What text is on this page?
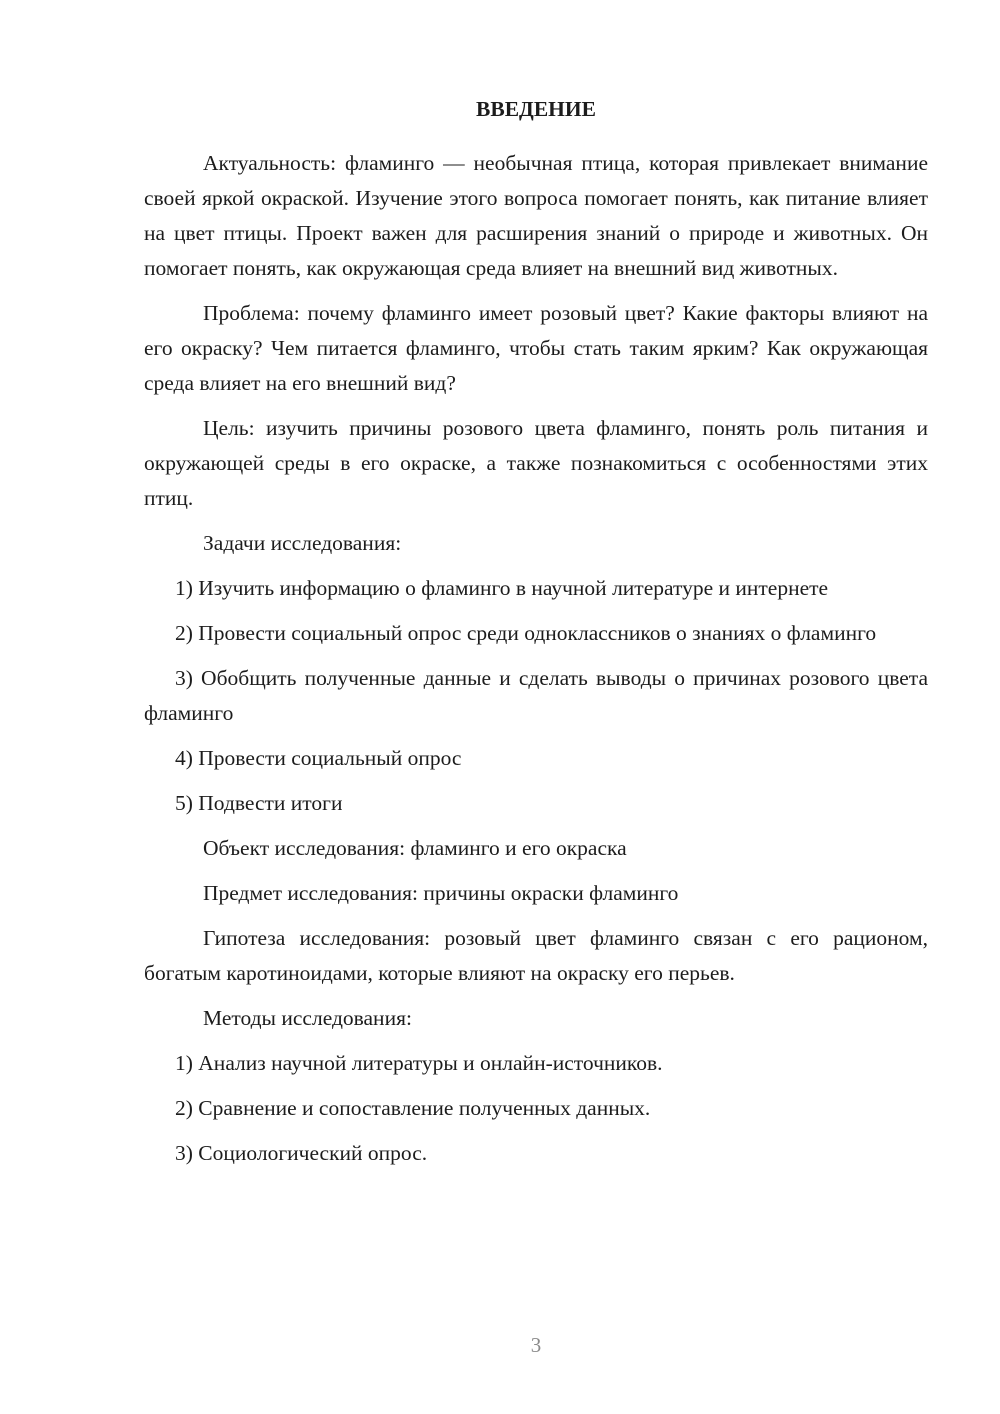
ВВЕДЕНИЕ

Актуальность: фламинго — необычная птица, которая привлекает внимание своей яркой окраской. Изучение этого вопроса помогает понять, как питание влияет на цвет птицы. Проект важен для расширения знаний о природе и животных. Он помогает понять, как окружающая среда влияет на внешний вид животных.

Проблема: почему фламинго имеет розовый цвет? Какие факторы влияют на его окраску? Чем питается фламинго, чтобы стать таким ярким? Как окружающая среда влияет на его внешний вид?

Цель: изучить причины розового цвета фламинго, понять роль питания и окружающей среды в его окраске, а также познакомиться с особенностями этих птиц.

Задачи исследования:

1) Изучить информацию о фламинго в научной литературе и интернете

2) Провести социальный опрос среди одноклассников о знаниях о фламинго

3) Обобщить полученные данные и сделать выводы о причинах розового цвета фламинго

4) Провести социальный опрос

5) Подвести итоги

Объект исследования: фламинго и его окраска

Предмет исследования: причины окраски фламинго

Гипотеза исследования: розовый цвет фламинго связан с его рационом, богатым каротиноидами, которые влияют на окраску его перьев.

Методы исследования:

1) Анализ научной литературы и онлайн-источников.

2) Сравнение и сопоставление полученных данных.

3) Социологический опрос.

3
